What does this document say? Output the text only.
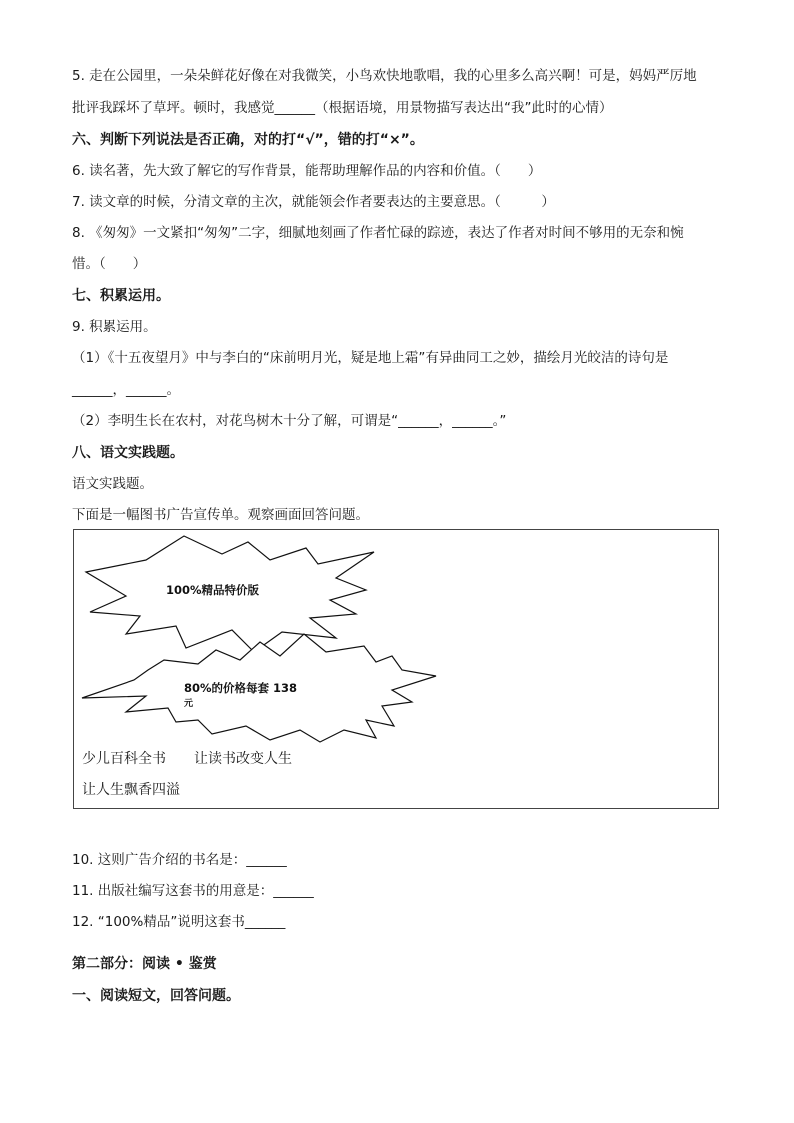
5. 走在公园里，一朵朵鲜花好像在对我微笑，小鸟欢快地歌唱，我的心里多么高兴啊！可是，妈妈严厉地
批评我踩坏了草坪。顿时，我感觉______（根据语境，用景物描写表达出“我”此时的心情）
六、判断下列说法是否正确，对的打“√”，错的打“×”。
6. 读名著，先大致了解它的写作背景，能帮助理解作品的内容和价值。（　　）
7. 读文章的时候，分清文章的主次，就能领会作者要表达的主要意思。（　　　）
8. 《匆匆》一文紧扣“匆匆”二字，细腻地刻画了作者忙碌的踪迹，表达了作者对时间不够用的无奈和惋
惜。（　　）
七、积累运用。
9. 积累运用。
（1）《十五夜望月》中与李白的“床前明月光，疑是地上霜”有异曲同工之妙，描绘月光皎洁的诗句是
______，______。
（2）李明生长在农村，对花鸟树木十分了解，可谓是“______，______。”
八、语文实践题。
语文实践题。
下面是一幅图书广告宣传单。观察画面回答问题。
100%精品特价版
80%的价格每套 138
元
少儿百科全书 让读书改变人生
让人生飘香四溢
10. 这则广告介绍的书名是：______
11. 出版社编写这套书的用意是：______
12. “100%精品”说明这套书______
第二部分：阅读 • 鉴赏
一、阅读短文，回答问题。
